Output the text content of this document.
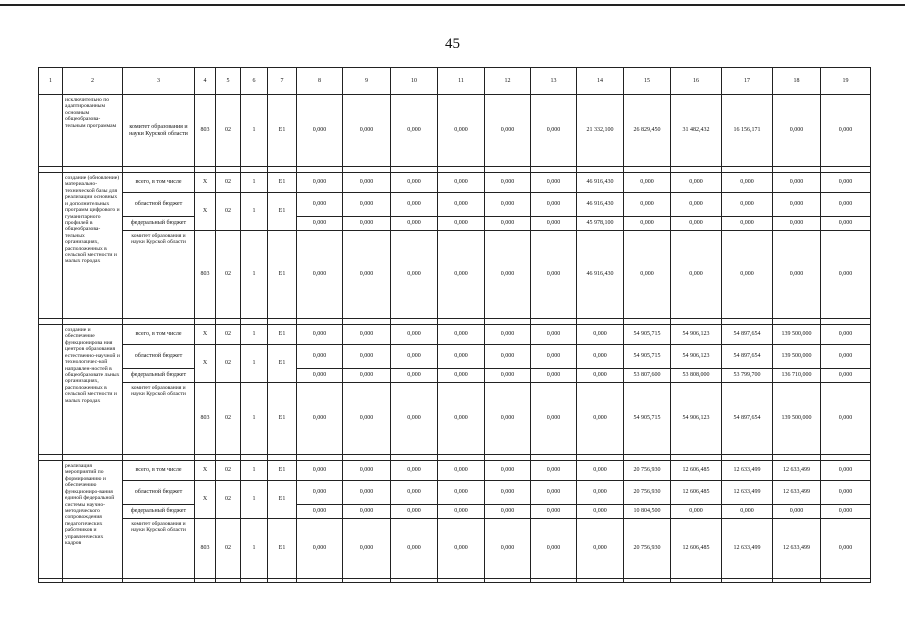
45
1	2	3	4	5	6	7	8	9	10	11	12	13	14	15	16	17	18	19
	исключительно по адаптированным основным общеобразова-тельным программам	комитет образования и науки Курской области	803	02	1	E1	0,000	0,000	0,000	0,000	0,000	0,000	21 332,100	26 829,450	31 482,432	16 156,171	0,000	0,000

	создание (обновление) материально-технической базы для реализации основных и дополнительных программ цифрового и гуманитарного профилей в общеобразова-тельных организациях, расположенных в сельской местности и малых городах	всего, в том числе	X	02	1	E1	0,000	0,000	0,000	0,000	0,000	0,000	46 916,430	0,000	0,000	0,000	0,000	0,000
		областной бюджет	X	02	1	E1	0,000	0,000	0,000	0,000	0,000	0,000	46 916,430	0,000	0,000	0,000	0,000	0,000
		федеральный бюджет					0,000	0,000	0,000	0,000	0,000	0,000	45 978,100	0,000	0,000	0,000	0,000	0,000
		комитет образования и науки Курской области	803	02	1	E1	0,000	0,000	0,000	0,000	0,000	0,000	46 916,430	0,000	0,000	0,000	0,000	0,000

	создание и обеспечение функционирова ния центров образования естественно-научной и технологичес-кой направлен-ностей в общеобразовате льных организациях, расположенных в сельской местности и малых городах	всего, в том числе	X	02	1	E1	0,000	0,000	0,000	0,000	0,000	0,000	0,000	54 905,715	54 906,123	54 897,654	139 500,000	0,000
		областной бюджет	X	02	1	E1	0,000	0,000	0,000	0,000	0,000	0,000	0,000	54 905,715	54 906,123	54 897,654	139 500,000	0,000
		федеральный бюджет					0,000	0,000	0,000	0,000	0,000	0,000	0,000	53 807,600	53 808,000	53 799,700	136 710,000	0,000
		комитет образования и науки Курской области	803	02	1	E1	0,000	0,000	0,000	0,000	0,000	0,000	0,000	54 905,715	54 906,123	54 897,654	139 500,000	0,000

	реализация мероприятий по формированию и обеспечению функциониро-вания единой федеральной системы научно-методического сопровождения педагогических работников и управленческих кадров	всего, в том числе	X	02	1	E1	0,000	0,000	0,000	0,000	0,000	0,000	0,000	20 756,930	12 606,485	12 633,499	12 633,499	0,000
		областной бюджет	X	02	1	E1	0,000	0,000	0,000	0,000	0,000	0,000	0,000	20 756,930	12 606,485	12 633,499	12 633,499	0,000
		федеральный бюджет					0,000	0,000	0,000	0,000	0,000	0,000	0,000	10 804,500	0,000	0,000	0,000	0,000
		комитет образования и науки Курской области	803	02	1	E1	0,000	0,000	0,000	0,000	0,000	0,000	0,000	20 756,930	12 606,485	12 633,499	12 633,499	0,000
